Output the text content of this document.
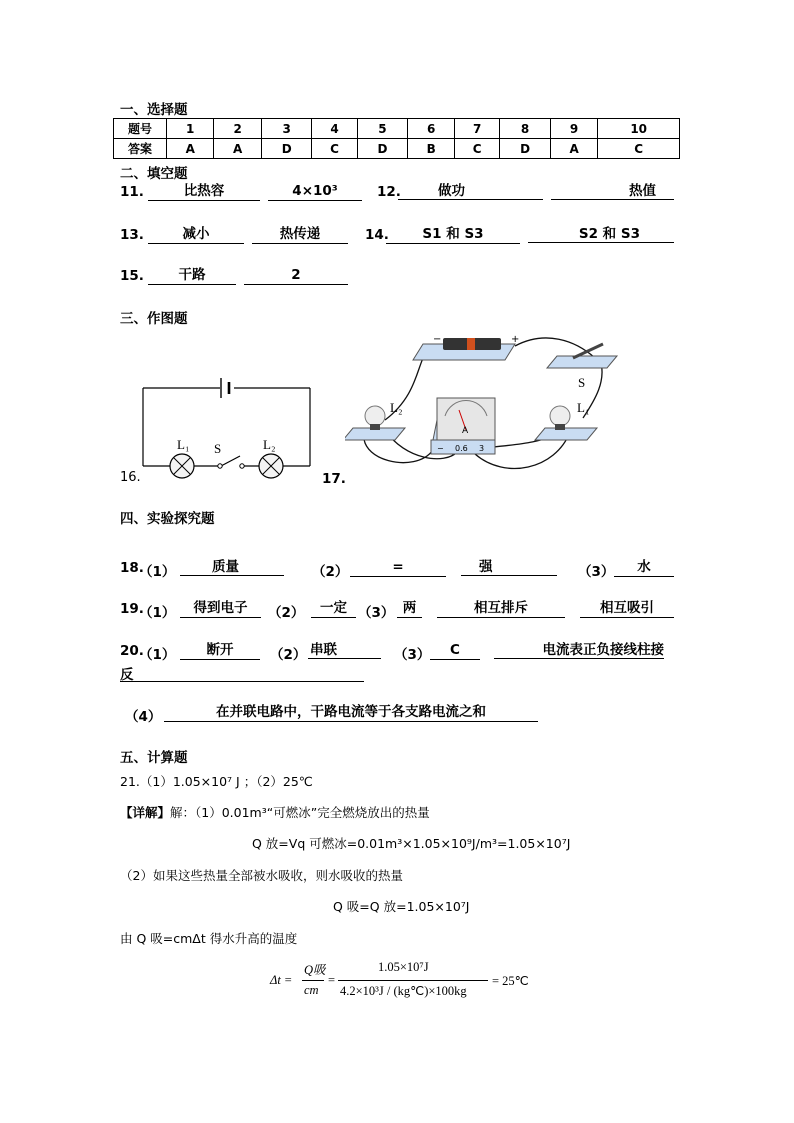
一、选择题
题号	1	2	3	4	5	6	7	8	9	10
答案	A	A	D	C	D	B	C	D	A	C
二、填空题
11.	比热容	4×10³	12.	做功	热值
13.	减小	热传递	14.	S1 和 S3	S2 和 S3
15.	干路	2
三、作图题
L₁ S	L₂
16.	17.
−	+
S
L₂	L₁
A
− 0.6 3
四、实验探究题
18.
（1）	质量	（2）	=	强	（3）	水
19.
（1）	得到电子	（2）	一定 （3） 两	相互排斥	相互吸引
20.
（1）	断开	（2） 串联	（3）	C	电流表正负接线柱接
反
（4）	在并联电路中，干路电流等于各支路电流之和
五、计算题
21.（1）1.05×10⁷ J ；（2）25℃
【详解】解：（1）0.01m³“可燃冰”完全燃烧放出的热量
Q 放=Vq 可燃冰=0.01m³×1.05×10⁹J/m³=1.05×10⁷J
（2）如果这些热量全部被水吸收，则水吸收的热量
Q 吸=Q 放=1.05×10⁷J
由 Q 吸=cmΔt 得水升高的温度
Δt =
Q吸
cm
=
1.05×10⁷J
4.2×10³J / (kg℃)×100kg
= 25℃
